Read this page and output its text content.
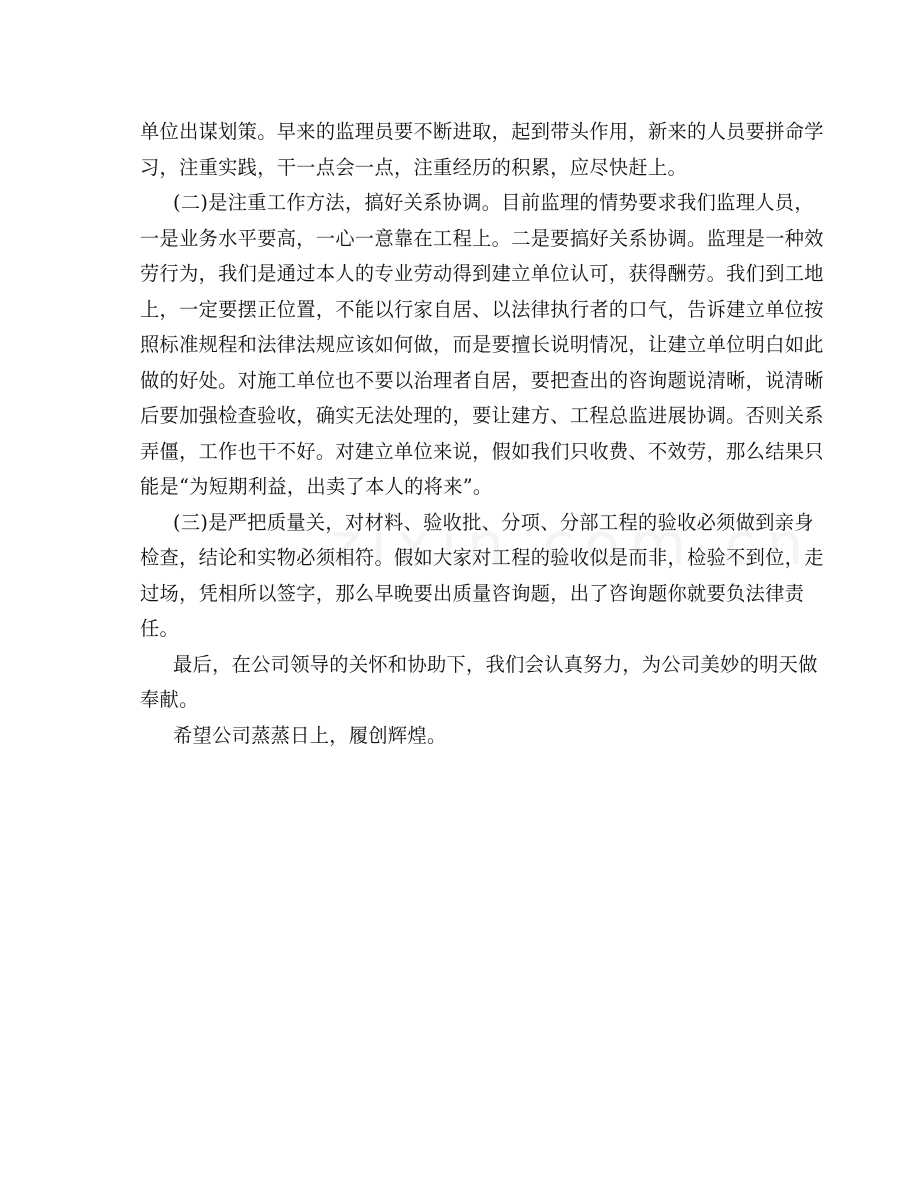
单位出谋划策。早来的监理员要不断进取，起到带头作用，新来的人员要拼命学
习，注重实践，干一点会一点，注重经历的积累，应尽快赶上。

(二)是注重工作方法，搞好关系协调。目前监理的情势要求我们监理人员，
一是业务水平要高，一心一意靠在工程上。二是要搞好关系协调。监理是一种效
劳行为，我们是通过本人的专业劳动得到建立单位认可，获得酬劳。我们到工地
上，一定要摆正位置，不能以行家自居、以法律执行者的口气，告诉建立单位按
照标准规程和法律法规应该如何做，而是要擅长说明情况，让建立单位明白如此
做的好处。对施工单位也不要以治理者自居，要把查出的咨询题说清晰，说清晰
后要加强检查验收，确实无法处理的，要让建方、工程总监进展协调。否则关系
弄僵，工作也干不好。对建立单位来说，假如我们只收费、不效劳，那么结果只
能是“为短期利益，出卖了本人的将来”。

(三)是严把质量关，对材料、验收批、分项、分部工程的验收必须做到亲身
检查，结论和实物必须相符。假如大家对工程的验收似是而非，检验不到位，走
过场，凭相所以签字，那么早晚要出质量咨询题，出了咨询题你就要负法律责
任。

最后，在公司领导的关怀和协助下，我们会认真努力，为公司美妙的明天做
奉献。

希望公司蒸蒸日上，履创辉煌。
